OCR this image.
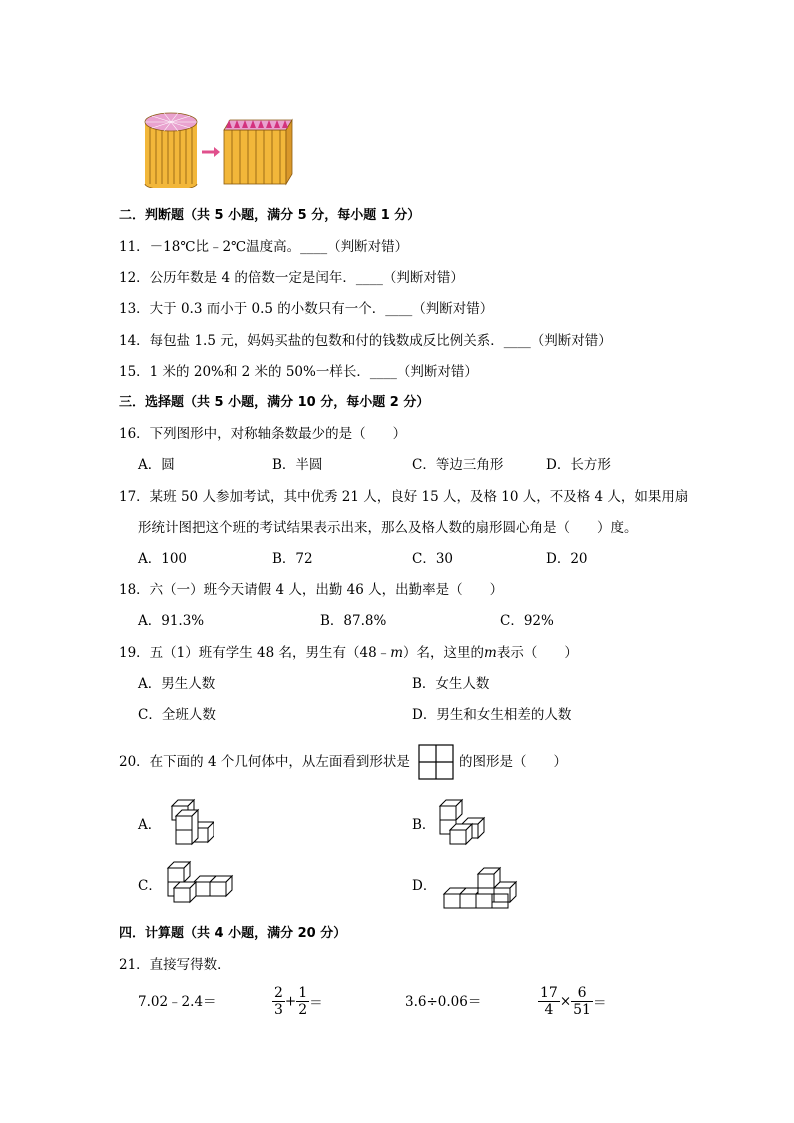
二．判断题（共 5 小题，满分 5 分，每小题 1 分）
11．－18℃比﹣2℃温度高。____（判断对错）
12．公历年数是 4 的倍数一定是闰年．____（判断对错）
13．大于 0.3 而小于 0.5 的小数只有一个．____（判断对错）
14．每包盐 1.5 元，妈妈买盐的包数和付的钱数成反比例关系．____（判断对错）
15．1 米的 20%和 2 米的 50%一样长．____（判断对错）
三．选择题（共 5 小题，满分 10 分，每小题 2 分）
16．下列图形中，对称轴条数最少的是（　　）
A．圆	B．半圆	C．等边三角形	D．长方形
17．某班 50 人参加考试，其中优秀 21 人，良好 15 人，及格 10 人，不及格 4 人，如果用扇
形统计图把这个班的考试结果表示出来，那么及格人数的扇形圆心角是（　　）度。
A．100	B．72	C．30	D．20
18．六（一）班今天请假 4 人，出勤 46 人，出勤率是（　　）
A．91.3%	B．87.8%	C．92%
19．五（1）班有学生 48 名，男生有（48﹣m）名，这里的m表示（　　）
A．男生人数	B．女生人数
C．全班人数	D．男生和女生相差的人数
20．在下面的 4 个几何体中，从左面看到形状是	的图形是（　　）
A．	B．
C．	D．
四．计算题（共 4 小题，满分 20 分）
21．直接写得数．
7.02﹣2.4＝	$\frac{2}{3} + \frac{1}{2}$ ＝	3.6÷0.06＝	$\frac{17}{4} \times \frac{6}{51}$ ＝
